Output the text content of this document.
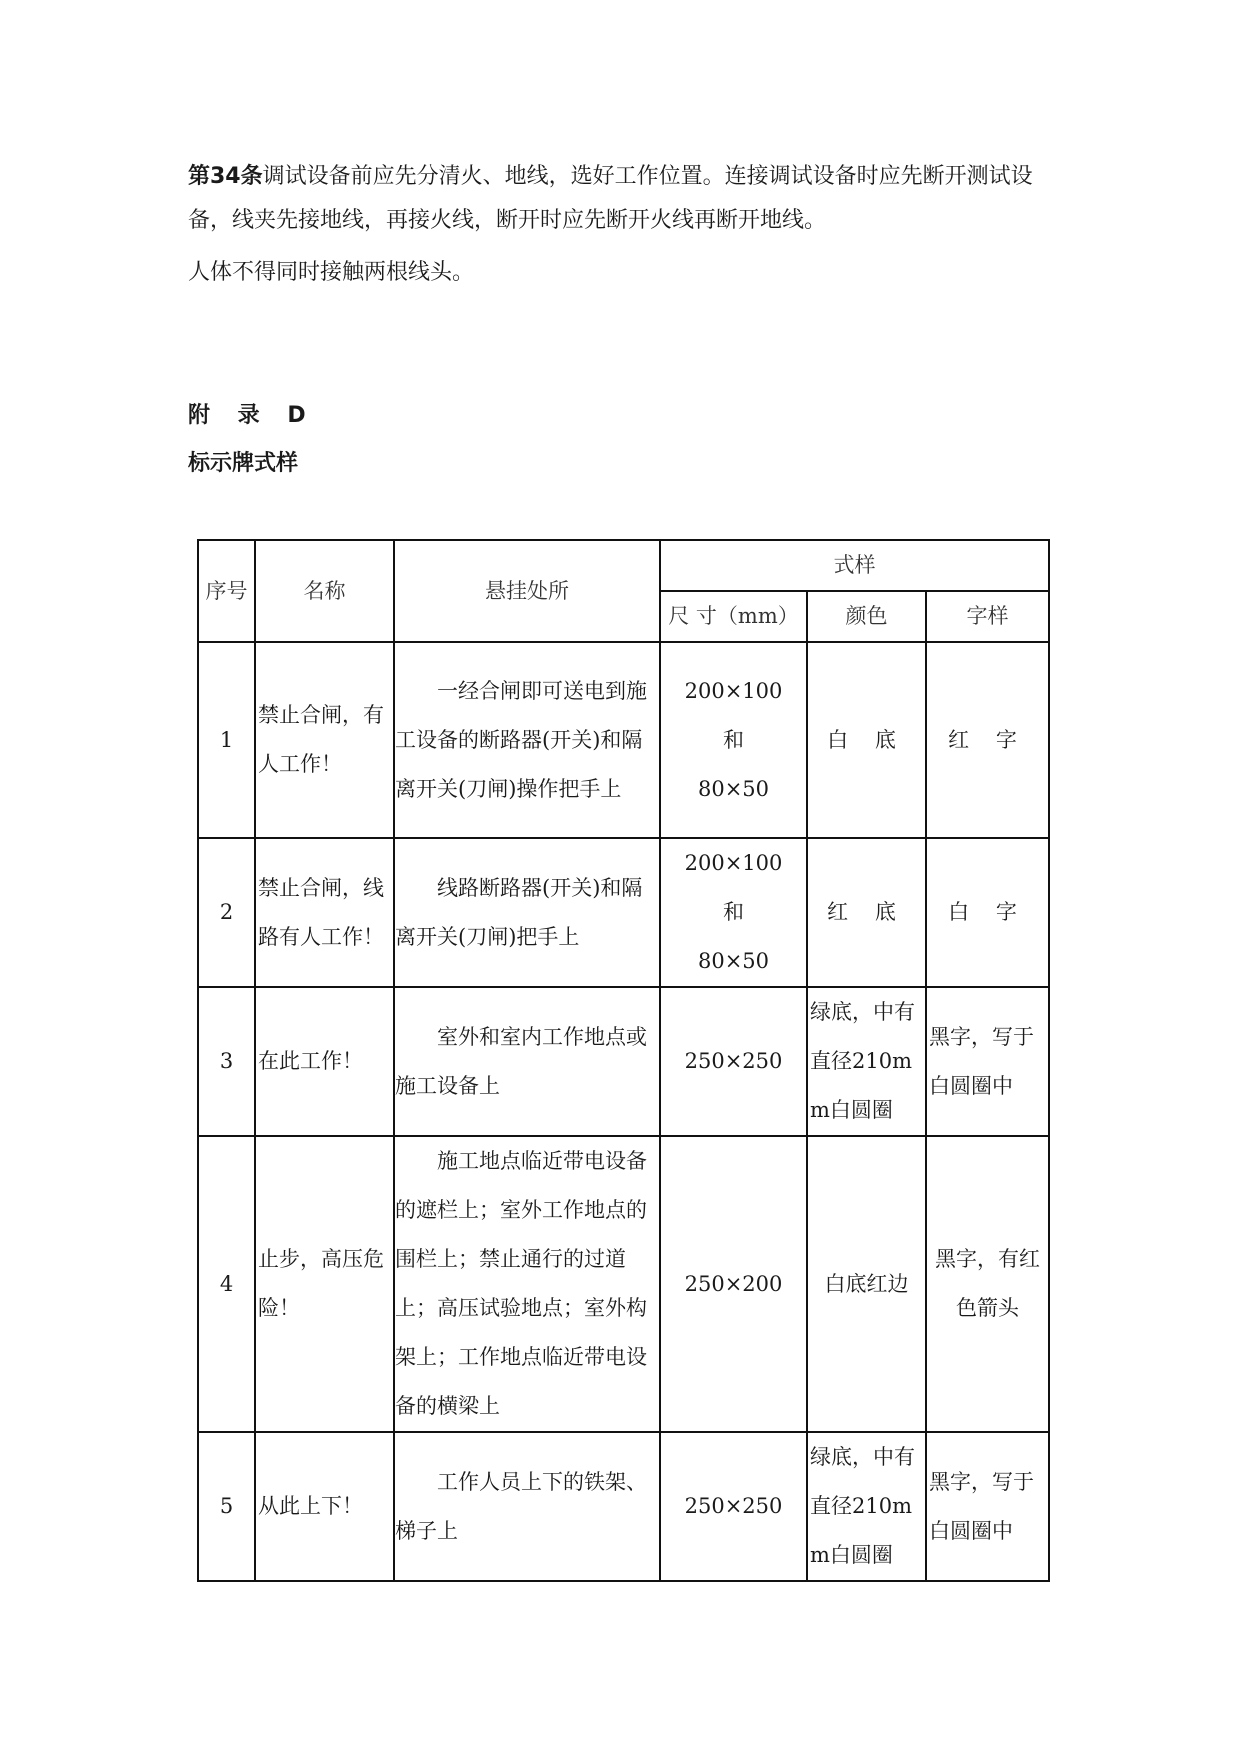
第34条调试设备前应先分清火、地线，选好工作位置。连接调试设备时应先断开测试设备，线夹先接地线，再接火线，断开时应先断开火线再断开地线。

人体不得同时接触两根线头。

附 录 D
标示牌式样
序号	名称	悬挂处所	式样		
			尺 寸（mm）	颜色	字样
1	禁止合闸，有人工作！	一经合闸即可送电到施工设备的断路器(开关)和隔离开关(刀闸)操作把手上	200×100
和
80×50	白 底	红 字
2	禁止合闸，线路有人工作！	线路断路器(开关)和隔离开关(刀闸)把手上	200×100
和
80×50	红 底	白 字
3	在此工作！	室外和室内工作地点或施工设备上	250×250	绿底，中有直径210mm白圆圈	黑字，写于白圆圈中
4	止步，高压危险！	施工地点临近带电设备的遮栏上；室外工作地点的围栏上；禁止通行的过道上；高压试验地点；室外构架上；工作地点临近带电设备的横梁上	250×200	白底红边	黑字，有红色箭头
5	从此上下！	工作人员上下的铁架、梯子上	250×250	绿底，中有直径210mm白圆圈	黑字，写于白圆圈中
